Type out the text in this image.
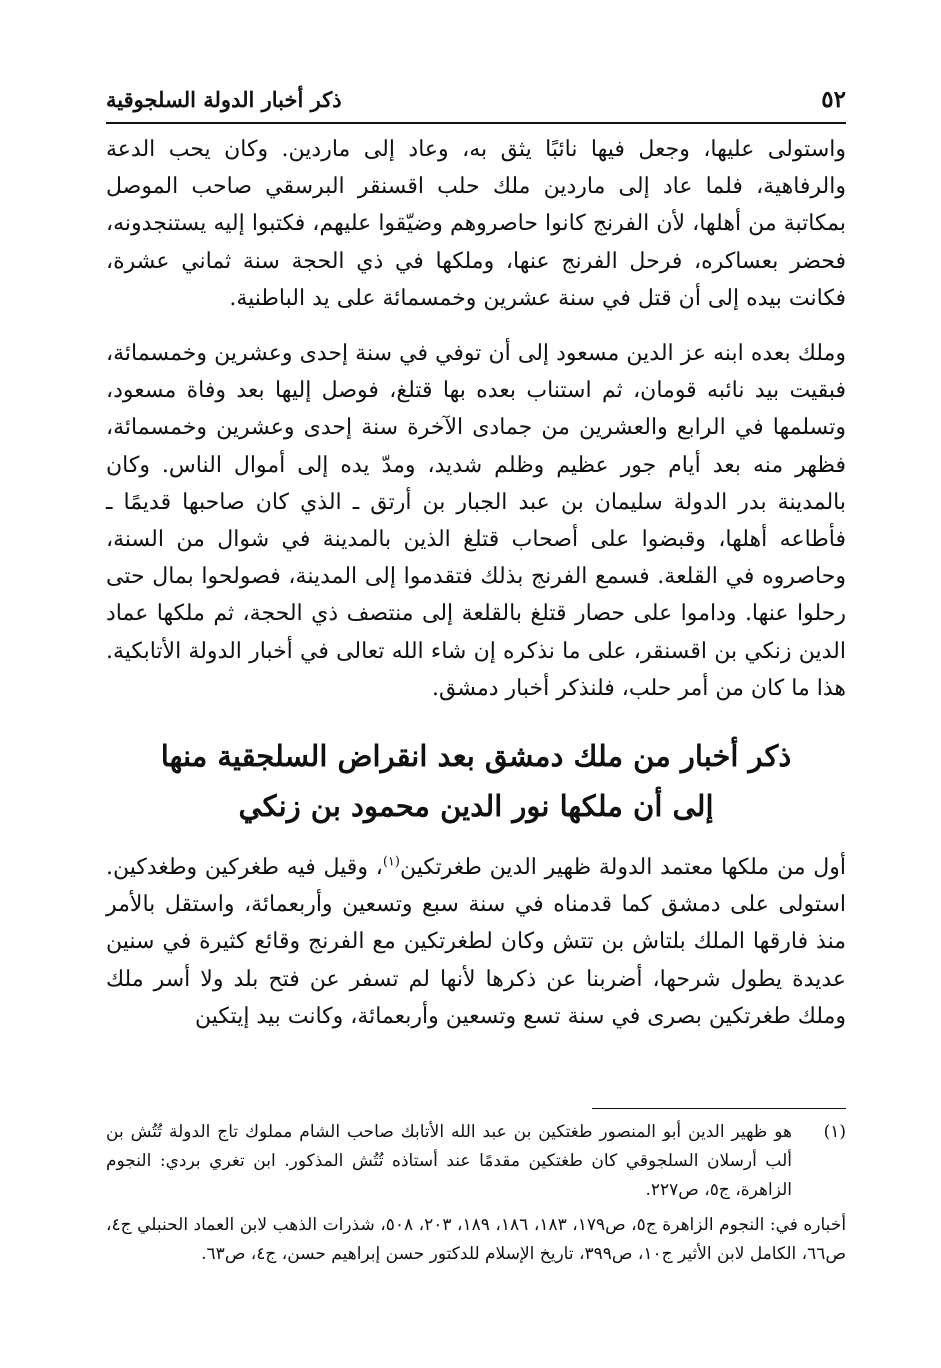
٥٢
ذكر أخبار الدولة السلجوقية

واستولى عليها، وجعل فيها نائبًا يثق به، وعاد إلى ماردين. وكان يحب الدعة والرفاهية، فلما عاد إلى ماردين ملك حلب اقسنقر البرسقي صاحب الموصل بمكاتبة من أهلها، لأن الفرنج كانوا حاصروهم وضيّقوا عليهم، فكتبوا إليه يستنجدونه، فحضر بعساكره، فرحل الفرنج عنها، وملكها في ذي الحجة سنة ثماني عشرة، فكانت بيده إلى أن قتل في سنة عشرين وخمسمائة على يد الباطنية.

وملك بعده ابنه عز الدين مسعود إلى أن توفي في سنة إحدى وعشرين وخمسمائة، فبقيت بيد نائبه قومان، ثم استناب بعده بها قتلغ، فوصل إليها بعد وفاة مسعود، وتسلمها في الرابع والعشرين من جمادى الآخرة سنة إحدى وعشرين وخمسمائة، فظهر منه بعد أيام جور عظيم وظلم شديد، ومدّ يده إلى أموال الناس. وكان بالمدينة بدر الدولة سليمان بن عبد الجبار بن أرتق ـ الذي كان صاحبها قديمًا ـ فأطاعه أهلها، وقبضوا على أصحاب قتلغ الذين بالمدينة في شوال من السنة، وحاصروه في القلعة. فسمع الفرنج بذلك فتقدموا إلى المدينة، فصولحوا بمال حتى رحلوا عنها. وداموا على حصار قتلغ بالقلعة إلى منتصف ذي الحجة، ثم ملكها عماد الدين زنكي بن اقسنقر، على ما نذكره إن شاء الله تعالى في أخبار الدولة الأتابكية. هذا ما كان من أمر حلب، فلنذكر أخبار دمشق.

ذكر أخبار من ملك دمشق بعد انقراض السلجقية منها
إلى أن ملكها نور الدين محمود بن زنكي

أول من ملكها معتمد الدولة ظهير الدين طغرتكين$^{(١)}$، وقيل فيه طغركين وطغدكين. استولى على دمشق كما قدمناه في سنة سبع وتسعين وأربعمائة، واستقل بالأمر منذ فارقها الملك بلتاش بن تتش وكان لطغرتكين مع الفرنج وقائع كثيرة في سنين عديدة يطول شرحها، أضربنا عن ذكرها لأنها لم تسفر عن فتح بلد ولا أسر ملك وملك طغرتكين بصرى في سنة تسع وتسعين وأربعمائة، وكانت بيد إيتكين

(١)
هو ظهير الدين أبو المنصور طغتكين بن عبد الله الأتابك صاحب الشام مملوك تاج الدولة تُتُش بن ألب أرسلان السلجوقي كان طغتكين مقدمًا عند أستاذه تُتُش المذكور. ابن تغري بردي: النجوم الزاهرة، ج٥، ص٢٢٧.
أخباره في: النجوم الزاهرة ج٥، ص١٧٩، ١٨٣، ١٨٦، ١٨٩، ٢٠٣، ٥٠٨، شذرات الذهب لابن العماد الحنبلي ج٤، ص٦٦، الكامل لابن الأثير ج١٠، ص٣٩٩، تاريخ الإسلام للدكتور حسن إبراهيم حسن، ج٤، ص٦٣.
